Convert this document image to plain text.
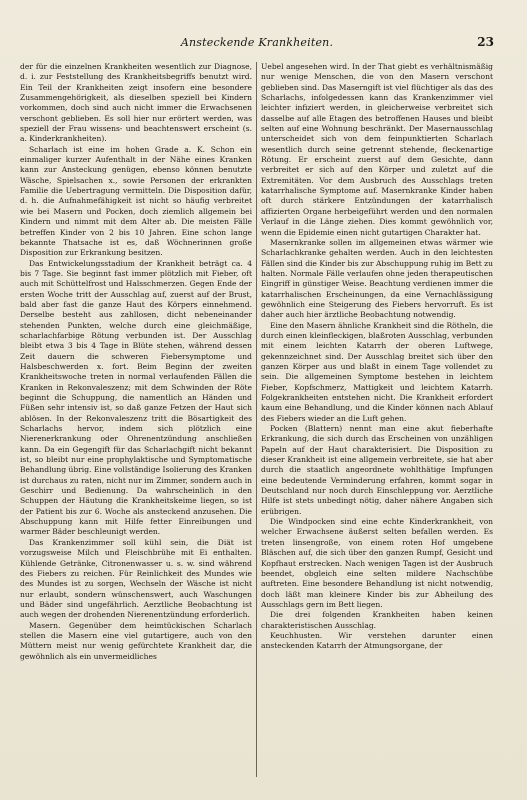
Ansteckende Krankheiten.	23

der für die einzelnen Krankheiten wesentlich zur Diagnose, d. i. zur Feststellung des Krankheitsbegriffs benutzt wird. Ein Teil der Krankheiten zeigt insofern eine besondere Zusammengehörigkeit, als dieselben speziell bei Kindern vorkommen, doch sind auch nicht immer die Erwachsenen verschont geblieben. Es soll hier nur erörtert werden, was speziell der Frau wissens- und beachtenswert erscheint (s. a. Kinderkrankheiten).

Scharlach ist eine im hohen Grade a. K. Schon ein einmaliger kurzer Aufenthalt in der Nähe eines Kranken kann zur Ansteckung genügen, ebenso können benutzte Wäsche, Spielsachen x., sowie Personen der erkrankten Familie die Uebertragung vermitteln. Die Disposition dafür, d. h. die Aufnahmefähigkeit ist nicht so häufig verbreitet wie bei Masern und Pocken, doch ziemlich allgemein bei Kindern und nimmt mit dem Alter ab. Die meisten Fälle betreffen Kinder von 2 bis 10 Jahren. Eine schon lange bekannte Thatsache ist es, daß Wöchnerinnen große Disposition zur Erkrankung besitzen.

Das Entwickelungsstadium der Krankheit beträgt ca. 4 bis 7 Tage. Sie beginnt fast immer plötzlich mit Fieber, oft auch mit Schüttelfrost und Halsschmerzen. Gegen Ende der ersten Woche tritt der Ausschlag auf, zuerst auf der Brust, bald aber fast die ganze Haut des Körpers einnehmend. Derselbe besteht aus zahllosen, dicht nebeneinander stehenden Punkten, welche durch eine gleichmäßige, scharlachfarbige Rötung verbunden ist. Der Ausschlag bleibt etwa 3 bis 4 Tage in Blüte stehen, während dessen Zeit dauern die schweren Fiebersymptome und Halsbeschwerden x. fort. Beim Beginn der zweiten Krankheitswoche treten in normal verlaufenden Fällen die Kranken in Rekonvaleszenz; mit dem Schwinden der Röte beginnt die Schuppung, die namentlich an Händen und Füßen sehr intensiv ist, so daß ganze Fetzen der Haut sich ablösen. In der Rekonvaleszenz tritt die Bösartigkeit des Scharlachs hervor, indem sich plötzlich eine Nierenerkrankung oder Ohrenentzündung anschließen kann. Da ein Gegengift für das Scharlachgift nicht bekannt ist, so bleibt nur eine prophylaktische und Symptomatische Behandlung übrig. Eine vollständige Isolierung des Kranken ist durchaus zu raten, nicht nur im Zimmer, sondern auch in Geschirr und Bedienung. Da wahrscheinlich in den Schuppen der Häutung die Krankheitskeime liegen, so ist der Patient bis zur 6. Woche als ansteckend anzusehen. Die Abschuppung kann mit Hilfe fetter Einreibungen und warmer Bäder beschleunigt werden.

Das Krankenzimmer soll kühl sein, die Diät ist vorzugsweise Milch und Fleischbrühe mit Ei enthalten. Kühlende Getränke, Citronenwasser u. s. w. sind während des Fiebers zu reichen. Für Reinlichkeit des Mundes wie des Mundes ist zu sorgen, Wechseln der Wäsche ist nicht nur erlaubt, sondern wünschenswert, auch Waschungen und Bäder sind ungefährlich. Aerztliche Beobachtung ist auch wegen der drohenden Nierenentzündung erforderlich.

Masern. Gegenüber dem heimtückischen Scharlach stellen die Masern eine viel gutartigere, auch von den Müttern meist nur wenig gefürchtete Krankheit dar, die gewöhnlich als ein unvermeidliches

Uebel angesehen wird. In der That giebt es verhältnismäßig nur wenige Menschen, die von den Masern verschont geblieben sind. Das Maserngift ist viel flüchtiger als das des Scharlachs, infolgedessen kann das Krankenzimmer viel leichter infiziert werden, in gleicherweise verbreitet sich dasselbe auf alle Etagen des betroffenen Hauses und bleibt selten auf eine Wohnung beschränkt. Der Masernausschlag unterscheidet sich von dem feinpunktierten Scharlach wesentlich durch seine getrennt stehende, fleckenartige Rötung. Er erscheint zuerst auf dem Gesichte, dann verbreitet er sich auf den Körper und zuletzt auf die Extremitäten. Vor dem Ausbruch des Ausschlags treten katarrhalische Symptome auf. Masernkranke Kinder haben oft durch stärkere Entzündungen der katarrhalisch affizierten Organe herbeigeführt werden und den normalen Verlauf in die Länge ziehen. Dies kommt gewöhnlich vor, wenn die Epidemie einen nicht gutartigen Charakter hat.

Masernkranke sollen im allgemeinen etwas wärmer wie Scharlachkranke gehalten werden. Auch in den leichtesten Fällen sind die Kinder bis zur Abschuppung ruhig im Bett zu halten. Normale Fälle verlaufen ohne jeden therapeutischen Eingriff in günstiger Weise. Beachtung verdienen immer die katarrhalischen Erscheinungen, da eine Vernachlässigung gewöhnlich eine Steigerung des Fiebers hervorruft. Es ist daher auch hier ärztliche Beobachtung notwendig.

Eine den Masern ähnliche Krankheit sind die Rötheln, die durch einen kleinfleckigen, blaßroten Ausschlag, verbunden mit einem leichten Katarrh der oberen Luftwege, gekennzeichnet sind. Der Ausschlag breitet sich über den ganzen Körper aus und blaßt in einem Tage vollendet zu sein. Die allgemeinen Symptome bestehen in leichtem Fieber, Kopfschmerz, Mattigkeit und leichtem Katarrh. Folgekrankheiten entstehen nicht. Die Krankheit erfordert kaum eine Behandlung, und die Kinder können nach Ablauf des Fiebers wieder an die Luft gehen.

Pocken (Blattern) nennt man eine akut fieberhafte Erkrankung, die sich durch das Erscheinen von unzähligen Papeln auf der Haut charakterisiert. Die Disposition zu dieser Krankheit ist eine allgemein verbreitete, sie hat aber durch die staatlich angeordnete wohlthätige Impfungen eine bedeutende Verminderung erfahren, kommt sogar in Deutschland nur noch durch Einschleppung vor. Aerztliche Hilfe ist stets unbedingt nötig, daher nähere Angaben sich erübrigen.

Die Windpocken sind eine echte Kinderkrankheit, von welcher Erwachsene äußerst selten befallen werden. Es treten linsengroße, von einem roten Hof umgebene Bläschen auf, die sich über den ganzen Rumpf, Gesicht und Kopfhaut erstrecken. Nach wenigen Tagen ist der Ausbruch beendet, obgleich eine selten mildere Nachschübe auftreten. Eine besondere Behandlung ist nicht notwendig, doch läßt man kleinere Kinder bis zur Abheilung des Ausschlags gern im Bett liegen.

Die drei folgenden Krankheiten haben keinen charakteristischen Ausschlag.

Keuchhusten. Wir verstehen darunter einen ansteckenden Katarrh der Atmungsorgane, der
